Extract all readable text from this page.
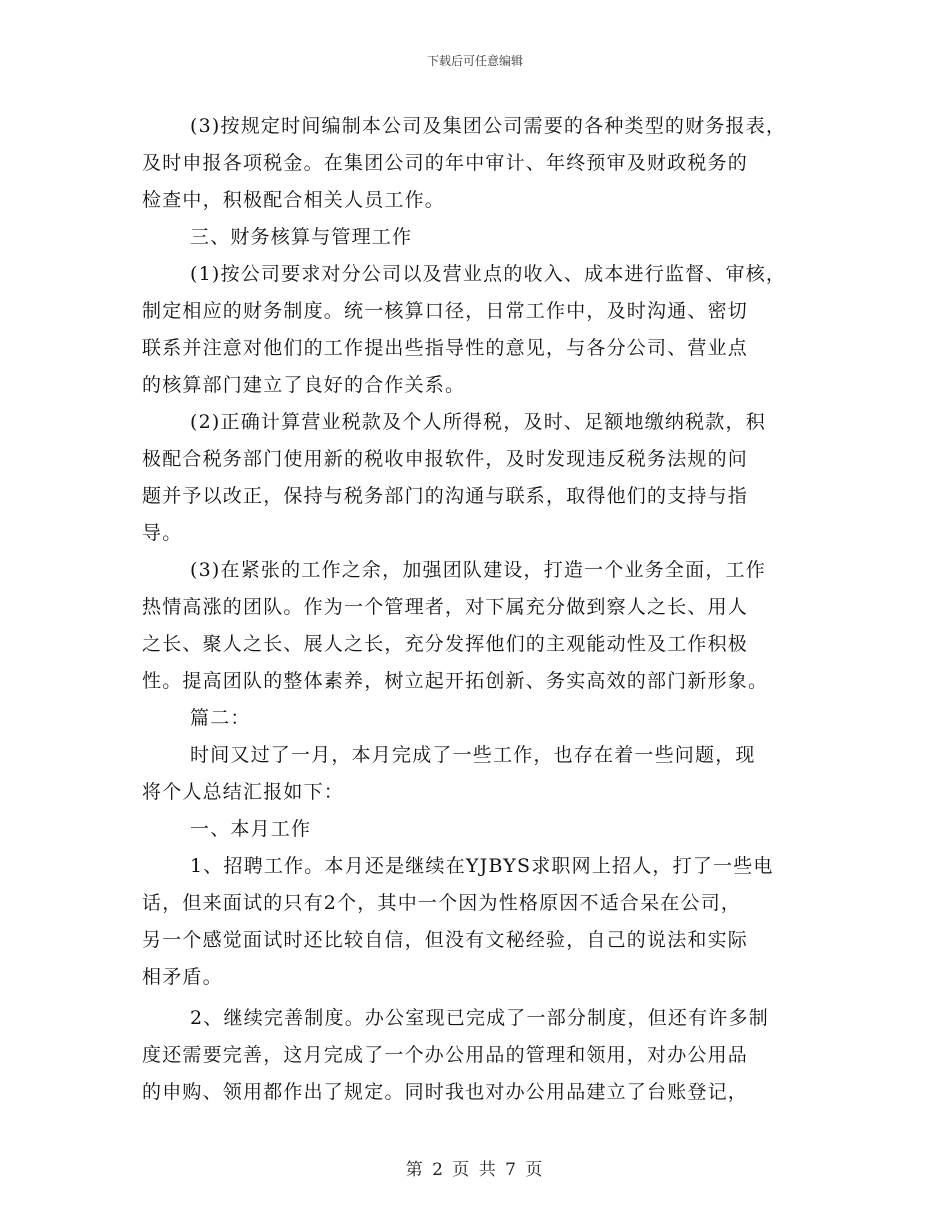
下载后可任意编辑
(3)按规定时间编制本公司及集团公司需要的各种类型的财务报表，
及时申报各项税金。在集团公司的年中审计、年终预审及财政税务的
检查中，积极配合相关人员工作。
三、财务核算与管理工作
(1)按公司要求对分公司以及营业点的收入、成本进行监督、审核，
制定相应的财务制度。统一核算口径，日常工作中，及时沟通、密切
联系并注意对他们的工作提出些指导性的意见，与各分公司、营业点
的核算部门建立了良好的合作关系。
(2)正确计算营业税款及个人所得税，及时、足额地缴纳税款，积
极配合税务部门使用新的税收申报软件，及时发现违反税务法规的问
题并予以改正，保持与税务部门的沟通与联系，取得他们的支持与指
导。
(3)在紧张的工作之余，加强团队建设，打造一个业务全面，工作
热情高涨的团队。作为一个管理者，对下属充分做到察人之长、用人
之长、聚人之长、展人之长，充分发挥他们的主观能动性及工作积极
性。提高团队的整体素养，树立起开拓创新、务实高效的部门新形象。
篇二：
时间又过了一月，本月完成了一些工作，也存在着一些问题，现
将个人总结汇报如下：
一、本月工作
1、招聘工作。本月还是继续在YJBYS求职网上招人，打了一些电
话，但来面试的只有2个，其中一个因为性格原因不适合呆在公司，
另一个感觉面试时还比较自信，但没有文秘经验，自己的说法和实际
相矛盾。
2、继续完善制度。办公室现已完成了一部分制度，但还有许多制
度还需要完善，这月完成了一个办公用品的管理和领用，对办公用品
的申购、领用都作出了规定。同时我也对办公用品建立了台账登记，
第 2 页 共 7 页
